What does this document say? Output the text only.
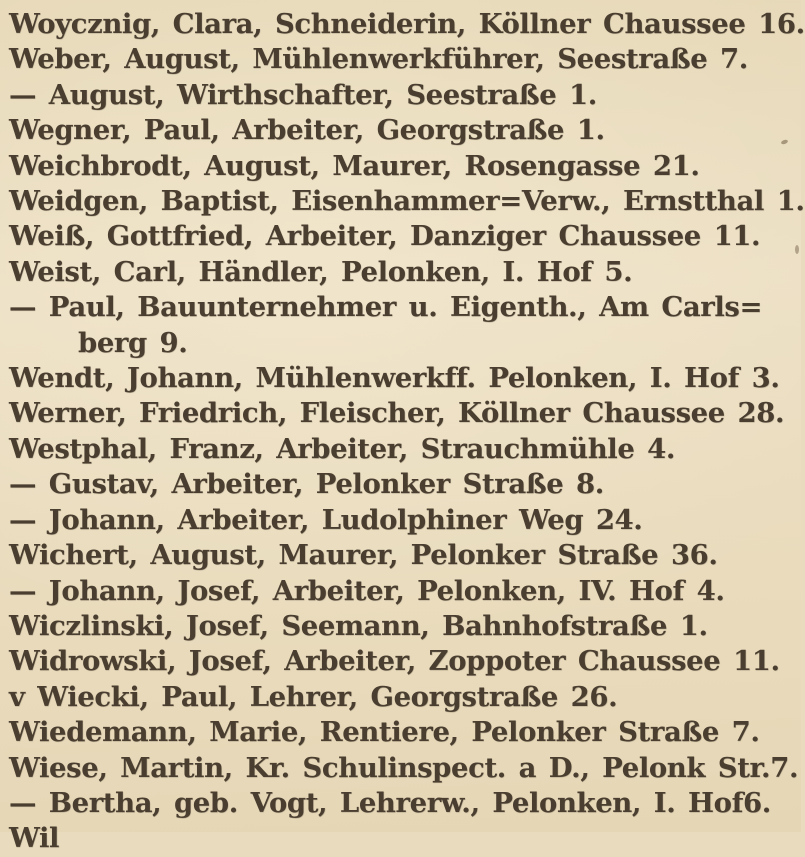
Woycznig, Clara, Schneiderin, Köllner Chaussee 16.
Weber, August, Mühlenwerkführer, Seestraße 7.
— August, Wirthschafter, Seestraße 1.
Wegner, Paul, Arbeiter, Georgstraße 1.
Weichbrodt, August, Maurer, Rosengasse 21.
Weidgen, Baptist, Eisenhammer=Verw., Ernstthal 1.
Weiß, Gottfried, Arbeiter, Danziger Chaussee 11.
Weist, Carl, Händler, Pelonken, I. Hof 5.
— Paul, Bauunternehmer u. Eigenth., Am Carls=
berg 9.
Wendt, Johann, Mühlenwerkff. Pelonken, I. Hof 3.
Werner, Friedrich, Fleischer, Köllner Chaussee 28.
Westphal, Franz, Arbeiter, Strauchmühle 4.
— Gustav, Arbeiter, Pelonker Straße 8.
— Johann, Arbeiter, Ludolphiner Weg 24.
Wichert, August, Maurer, Pelonker Straße 36.
— Johann, Josef, Arbeiter, Pelonken, IV. Hof 4.
Wiczlinski, Josef, Seemann, Bahnhofstraße 1.
Widrowski, Josef, Arbeiter, Zoppoter Chaussee 11.
v Wiecki, Paul, Lehrer, Georgstraße 26.
Wiedemann, Marie, Rentiere, Pelonker Straße 7.
Wiese, Martin, Kr. Schulinspect. a D., Pelonk Str.7.
— Bertha, geb. Vogt, Lehrerw., Pelonken, I. Hof6.
Wil
